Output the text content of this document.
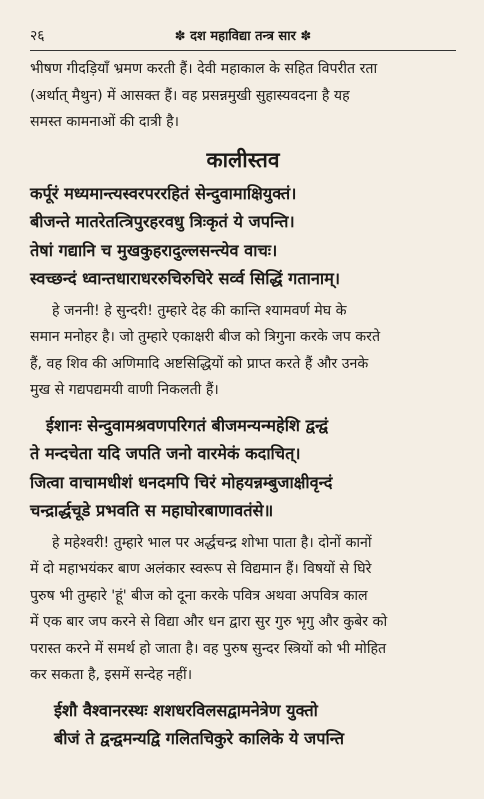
२६	✽ दश महाविद्या तन्त्र सार ✽

भीषण गीदड़ियाँ भ्रमण करती हैं। देवी महाकाल के सहित विपरीत रता

(अर्थात् मैथुन) में आसक्त हैं। वह प्रसन्नमुखी सुहास्यवदना है यह

समस्त कामनाओं की दात्री है।

कालीस्तव
कर्पूरं मध्यमान्त्यस्वरपररहितं सेन्दुवामाक्षियुक्तं।
बीजन्ते मातरेतत्त्रिपुरहरवधु त्रिःकृतं ये जपन्ति।
तेषां गद्यानि च मुखकुहरादुल्लसन्त्येव वाचः।
स्वच्छन्दं ध्वान्तधाराधररुचिरुचिरे सर्व्व सिद्धिं गतानाम्।

हे जननी! हे सुन्दरी! तुम्हारे देह की कान्ति श्यामवर्ण मेघ के

समान मनोहर है। जो तुम्हारे एकाक्षरी बीज को त्रिगुना करके जप करते

हैं, वह शिव की अणिमादि अष्टसिद्धियों को प्राप्त करते हैं और उनके

मुख से गद्यपद्यमयी वाणी निकलती हैं।

ईशानः सेन्दुवामश्रवणपरिगतं बीजमन्यन्महेशि द्वन्द्वं
ते मन्दचेता यदि जपति जनो वारमेकं कदाचित्।
जित्वा वाचामधीशं धनदमपि चिरं मोहयन्नम्बुजाक्षीवृन्दं
चन्द्रार्द्धचूडे प्रभवति स महाघोरबाणावतंसे॥

हे महेश्वरी! तुम्हारे भाल पर अर्द्धचन्द्र शोभा पाता है। दोनों कानों

में दो महाभयंकर बाण अलंकार स्वरूप से विद्यमान हैं। विषयों से घिरे

पुरुष भी तुम्हारे 'हूं' बीज को दूना करके पवित्र अथवा अपवित्र काल

में एक बार जप करने से विद्या और धन द्वारा सुर गुरु भृगु और कुबेर को

परास्त करने में समर्थ हो जाता है। वह पुरुष सुन्दर स्त्रियों को भी मोहित

कर सकता है, इसमें सन्देह नहीं।

ईशौ वैश्वानरस्थः शशधरविलसद्वामनेत्रेण युक्तो
बीजं ते द्वन्द्वमन्यद्वि गलितचिकुरे कालिके ये जपन्ति
